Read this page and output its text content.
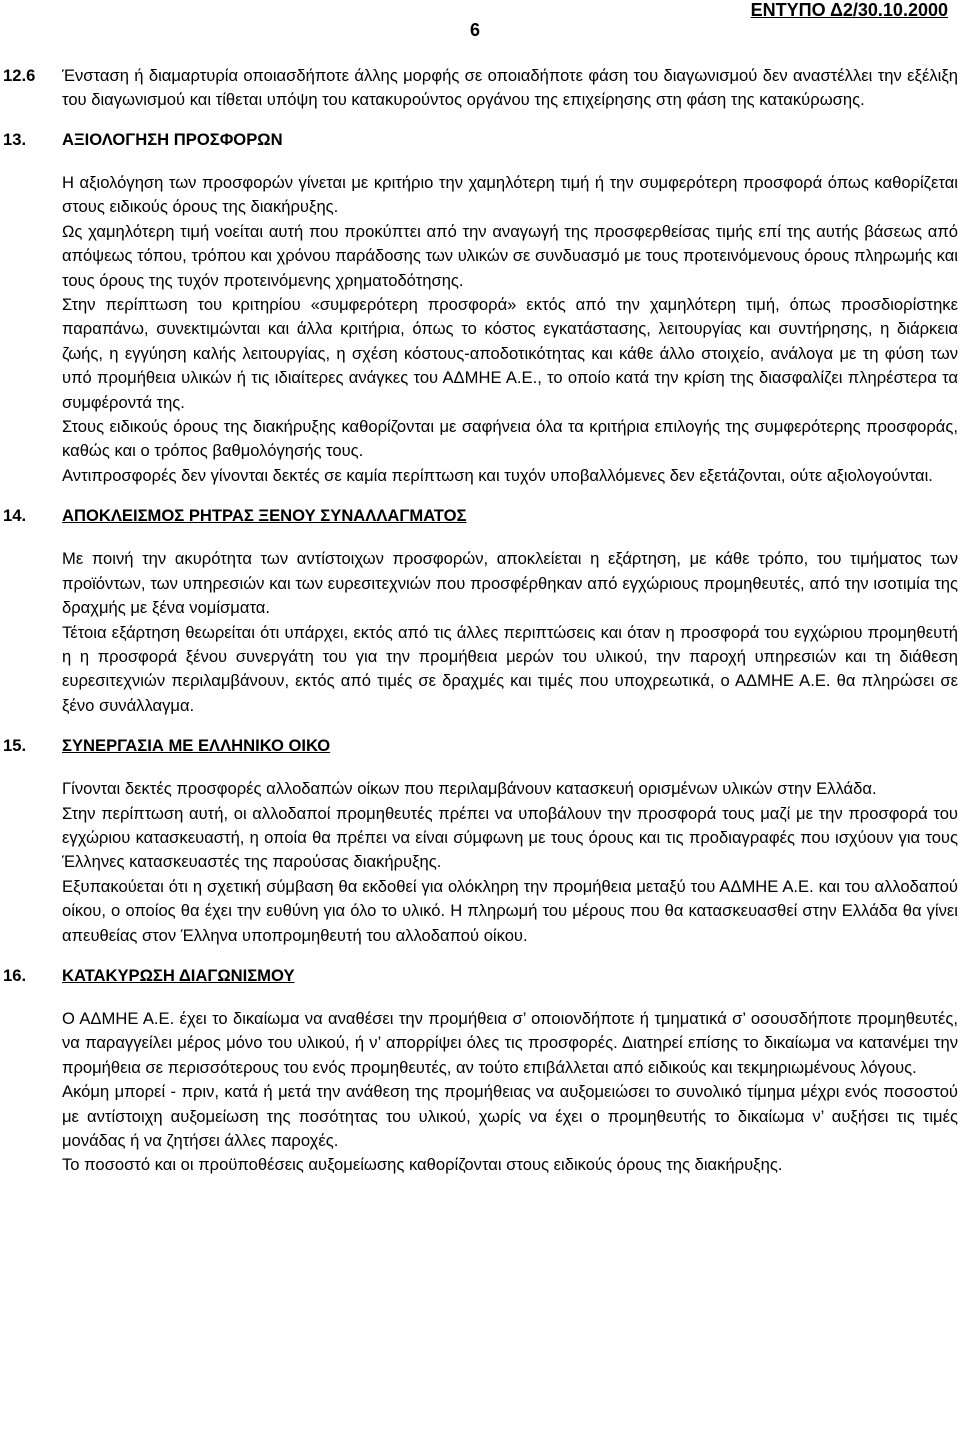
6
ΕΝΤΥΠΟ Δ2/30.10.2000
12.6 Ένσταση ή διαμαρτυρία οποιασδήποτε άλλης μορφής σε οποιαδήποτε φάση του διαγωνισμού δεν αναστέλλει την εξέλιξη του διαγωνισμού και τίθεται υπόψη του κατακυρούντος οργάνου της επιχείρησης στη φάση της κατακύρωσης.
13. ΑΞΙΟΛΟΓΗΣΗ ΠΡΟΣΦΟΡΩΝ

Η αξιολόγηση των προσφορών γίνεται με κριτήριο την χαμηλότερη τιμή ή την συμφερότερη προσφορά όπως καθορίζεται στους ειδικούς όρους της διακήρυξης.

Ως χαμηλότερη τιμή νοείται αυτή που προκύπτει από την αναγωγή της προσφερθείσας τιμής επί της αυτής βάσεως από απόψεως τόπου, τρόπου και χρόνου παράδοσης των υλικών σε συνδυασμό με τους προτεινόμενους όρους πληρωμής και τους όρους της τυχόν προτεινόμενης χρηματοδότησης.

Στην περίπτωση του κριτηρίου «συμφερότερη προσφορά» εκτός από την χαμηλότερη τιμή, όπως προσδιορίστηκε παραπάνω, συνεκτιμώνται και άλλα κριτήρια, όπως το κόστος εγκατάστασης, λειτουργίας και συντήρησης, η διάρκεια ζωής, η εγγύηση καλής λειτουργίας, η σχέση κόστους-αποδοτικότητας και κάθε άλλο στοιχείο, ανάλογα με τη φύση των υπό προμήθεια υλικών ή τις ιδιαίτερες ανάγκες του ΑΔΜΗΕ Α.Ε., το οποίο κατά την κρίση της διασφαλίζει πληρέστερα τα συμφέροντά της.

Στους ειδικούς όρους της διακήρυξης καθορίζονται με σαφήνεια όλα τα κριτήρια επιλογής της συμφερότερης προσφοράς, καθώς και ο τρόπος βαθμολόγησής τους.

Αντιπροσφορές δεν γίνονται δεκτές σε καμία περίπτωση και τυχόν υποβαλλόμενες δεν εξετάζονται, ούτε αξιολογούνται.

14. ΑΠΟΚΛΕΙΣΜΟΣ ΡΗΤΡΑΣ ΞΕΝΟΥ ΣΥΝΑΛΛΑΓΜΑΤΟΣ

Με ποινή την ακυρότητα των αντίστοιχων προσφορών, αποκλείεται η εξάρτηση, με κάθε τρόπο, του τιμήματος των προϊόντων, των υπηρεσιών και των ευρεσιτεχνιών που προσφέρθηκαν από εγχώριους προμηθευτές, από την ισοτιμία της δραχμής με ξένα νομίσματα.

Τέτοια εξάρτηση θεωρείται ότι υπάρχει, εκτός από τις άλλες περιπτώσεις και όταν η προσφορά του εγχώριου προμηθευτή η η προσφορά ξένου συνεργάτη του για την προμήθεια μερών του υλικού, την παροχή υπηρεσιών και τη διάθεση ευρεσιτεχνιών περιλαμβάνουν, εκτός από τιμές σε δραχμές και τιμές που υποχρεωτικά, ο ΑΔΜΗΕ Α.Ε. θα πληρώσει σε ξένο συνάλλαγμα.

15. ΣΥΝΕΡΓΑΣΙΑ ΜΕ ΕΛΛΗΝΙΚΟ ΟΙΚΟ

Γίνονται δεκτές προσφορές αλλοδαπών οίκων που περιλαμβάνουν κατασκευή ορισμένων υλικών στην Ελλάδα.

Στην περίπτωση αυτή, οι αλλοδαποί προμηθευτές πρέπει να υποβάλουν την προσφορά τους μαζί με την προσφορά του εγχώριου κατασκευαστή, η οποία θα πρέπει να είναι σύμφωνη με τους όρους και τις προδιαγραφές που ισχύουν για τους Έλληνες κατασκευαστές της παρούσας διακήρυξης.

Εξυπακούεται ότι η σχετική σύμβαση θα εκδοθεί για ολόκληρη την προμήθεια μεταξύ του ΑΔΜΗΕ Α.Ε. και του αλλοδαπού οίκου, ο οποίος θα έχει την ευθύνη για όλο το υλικό. Η πληρωμή του μέρους που θα κατασκευασθεί στην Ελλάδα θα γίνει απευθείας στον Έλληνα υποπρομηθευτή του αλλοδαπού οίκου.

16. ΚΑΤΑΚΥΡΩΣΗ ΔΙΑΓΩΝΙΣΜΟΥ

Ο ΑΔΜΗΕ Α.Ε. έχει το δικαίωμα να αναθέσει την προμήθεια σ’ οποιονδήποτε ή τμηματικά σ’ οσουσδήποτε προμηθευτές, να παραγγείλει μέρος μόνο του υλικού, ή ν’ απορρίψει όλες τις προσφορές. Διατηρεί επίσης το δικαίωμα να κατανέμει την προμήθεια σε περισσότερους του ενός προμηθευτές, αν τούτο επιβάλλεται από ειδικούς και τεκμηριωμένους λόγους.

Ακόμη μπορεί - πριν, κατά ή μετά την ανάθεση της προμήθειας να αυξομειώσει το συνολικό τίμημα μέχρι ενός ποσοστού με αντίστοιχη αυξομείωση της ποσότητας του υλικού, χωρίς να έχει ο προμηθευτής το δικαίωμα ν’ αυξήσει τις τιμές μονάδας ή να ζητήσει άλλες παροχές.

Το ποσοστό και οι προϋποθέσεις αυξομείωσης καθορίζονται στους ειδικούς όρους της διακήρυξης.
